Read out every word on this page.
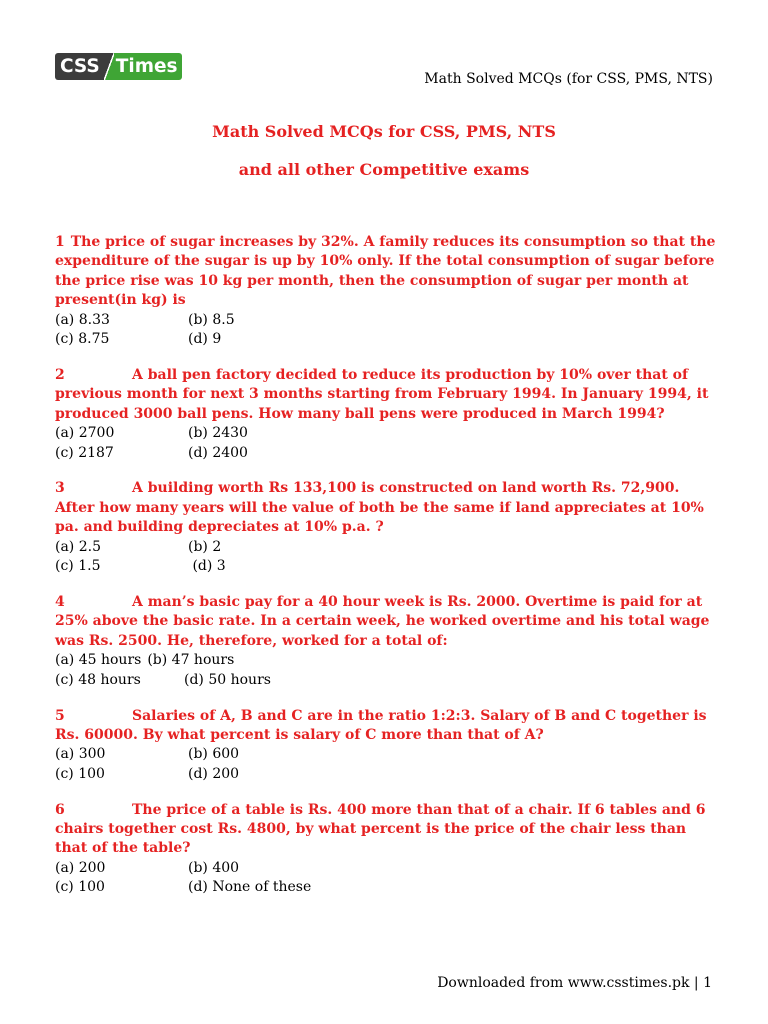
CSS Times
Math Solved MCQs (for CSS, PMS, NTS)
Math Solved MCQs for CSS, PMS, NTS
and all other Competitive exams
1 The price of sugar increases by 32%. A family reduces its consumption so that the expenditure of the sugar is up by 10% only. If the total consumption of sugar before the price rise was 10 kg per month, then the consumption of sugar per month at present(in kg) is
(a) 8.33	(b) 8.5
(c) 8.75	(d) 9
2	A ball pen factory decided to reduce its production by 10% over that of previous month for next 3 months starting from February 1994. In January 1994, it produced 3000 ball pens. How many ball pens were produced in March 1994?
(a) 2700	(b) 2430
(c) 2187	(d) 2400
3	A building worth Rs 133,100 is constructed on land worth Rs. 72,900. After how many years will the value of both be the same if land appreciates at 10% pa. and building depreciates at 10% p.a. ?
(a) 2.5	(b) 2
(c) 1.5	(d) 3
4	A man’s basic pay for a 40 hour week is Rs. 2000. Overtime is paid for at 25% above the basic rate. In a certain week, he worked overtime and his total wage was Rs. 2500. He, therefore, worked for a total of:
(a) 45 hours (b) 47 hours
(c) 48 hours	(d) 50 hours
5	Salaries of A, B and C are in the ratio 1:2:3. Salary of B and C together is Rs. 60000. By what percent is salary of C more than that of A?
(a) 300	(b) 600
(c) 100	(d) 200
6	The price of a table is Rs. 400 more than that of a chair. If 6 tables and 6 chairs together cost Rs. 4800, by what percent is the price of the chair less than that of the table?
(a) 200	(b) 400
(c) 100	(d) None of these
Downloaded from www.csstimes.pk | 1
